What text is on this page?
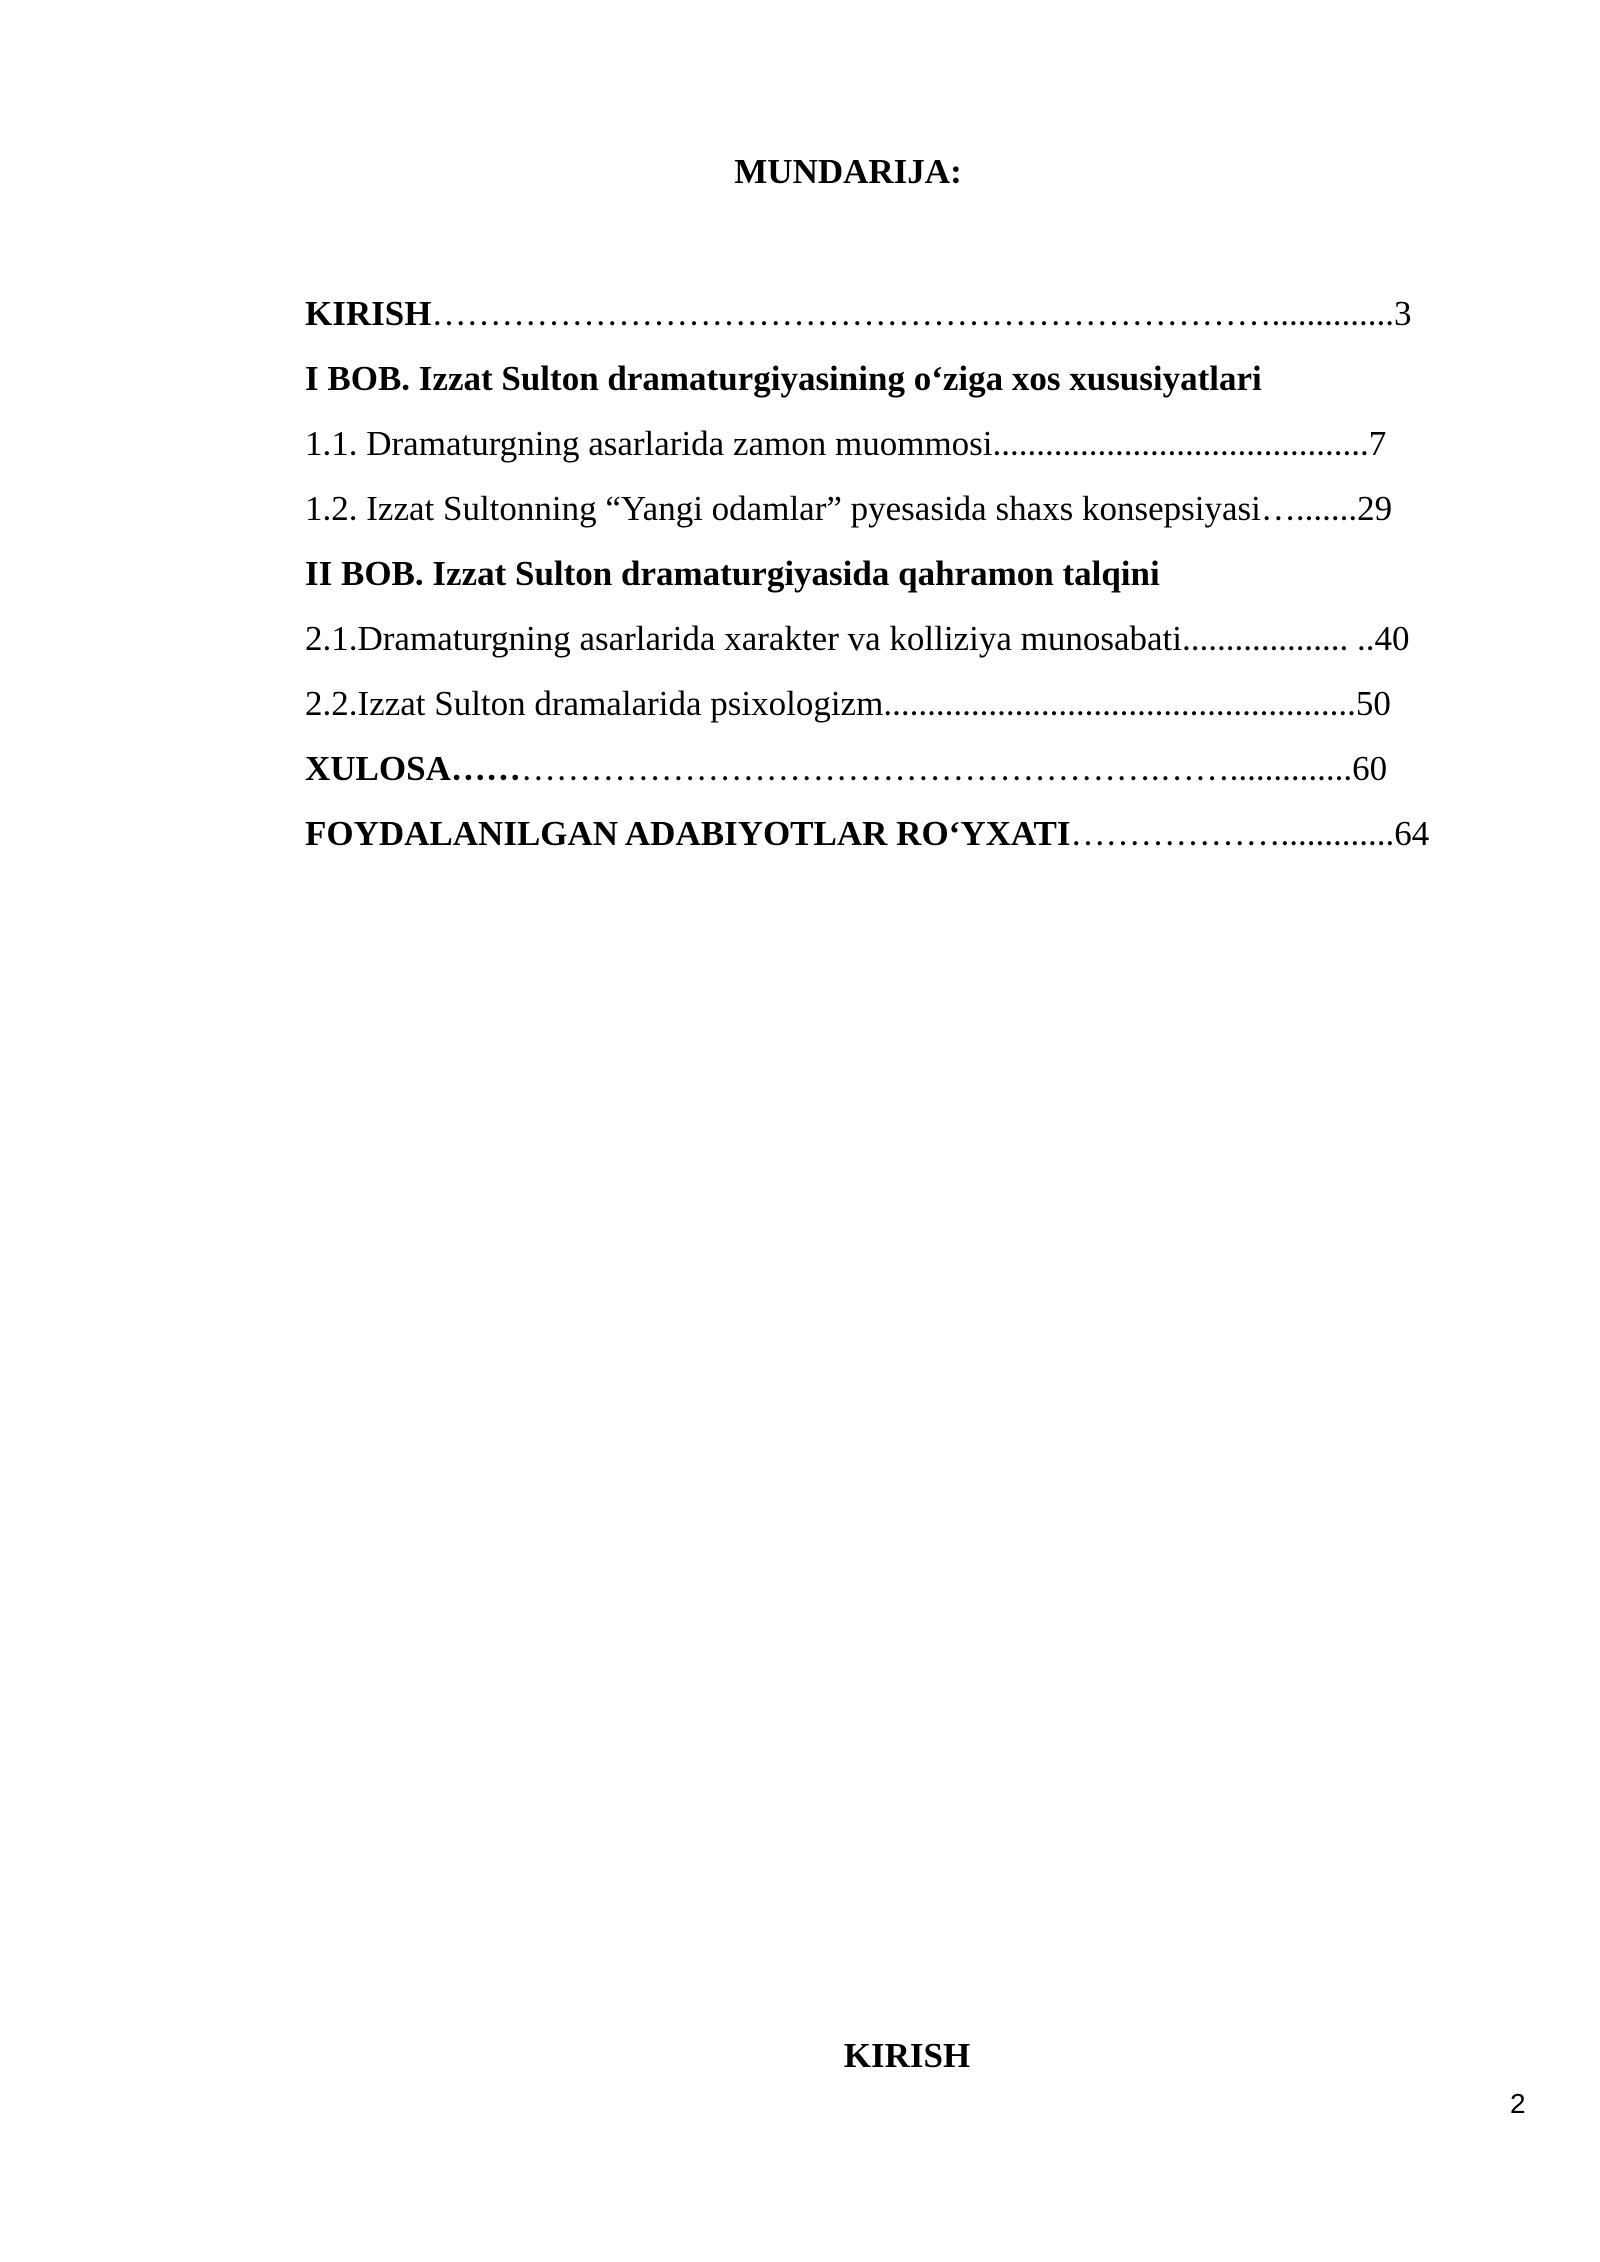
MUNDARIJA:
KIRISH………………………………………………………………..............3
I BOB. Izzat Sulton dramaturgiyasining o‘ziga xos xususiyatlari
1.1. Dramaturgning asarlarida zamon muommosi...........................................7
1.2. Izzat Sultonning “Yangi odamlar” pyesasida shaxs konsepsiyasi….......29
II BOB. Izzat Sulton dramaturgiyasida qahramon talqini
2.1.Dramaturgning asarlarida xarakter va kolliziya munosabati................... ..40
2.2.Izzat Sulton dramalarida psixologizm......................................................50
XULOSA…………………………………………………….……..............60
FOYDALANILGAN ADABIYOTLAR RO‘YXATI……………….............64
KIRISH
2
